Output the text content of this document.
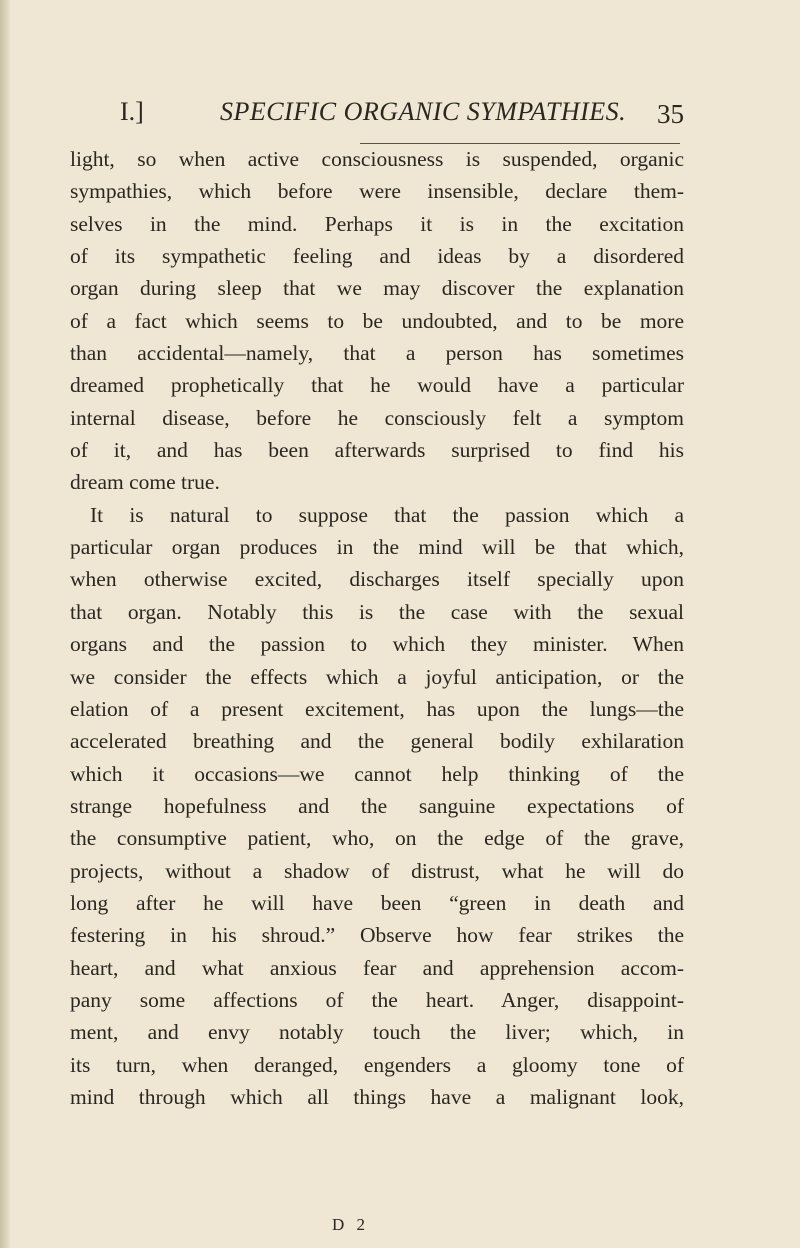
I.]	SPECIFIC ORGANIC SYMPATHIES. 35
light, so when active consciousness is suspended, organic
sympathies, which before were insensible, declare them-
selves in the mind. Perhaps it is in the excitation
of its sympathetic feeling and ideas by a disordered
organ during sleep that we may discover the explanation
of a fact which seems to be undoubted, and to be more
than accidental—namely, that a person has sometimes
dreamed prophetically that he would have a particular
internal disease, before he consciously felt a symptom
of it, and has been afterwards surprised to find his
dream come true.
It is natural to suppose that the passion which a
particular organ produces in the mind will be that which,
when otherwise excited, discharges itself specially upon
that organ. Notably this is the case with the sexual
organs and the passion to which they minister. When
we consider the effects which a joyful anticipation, or the
elation of a present excitement, has upon the lungs—the
accelerated breathing and the general bodily exhilaration
which it occasions—we cannot help thinking of the
strange hopefulness and the sanguine expectations of
the consumptive patient, who, on the edge of the grave,
projects, without a shadow of distrust, what he will do
long after he will have been “green in death and
festering in his shroud.” Observe how fear strikes the
heart, and what anxious fear and apprehension accom-
pany some affections of the heart. Anger, disappoint-
ment, and envy notably touch the liver; which, in
its turn, when deranged, engenders a gloomy tone of
mind through which all things have a malignant look,
D 2
